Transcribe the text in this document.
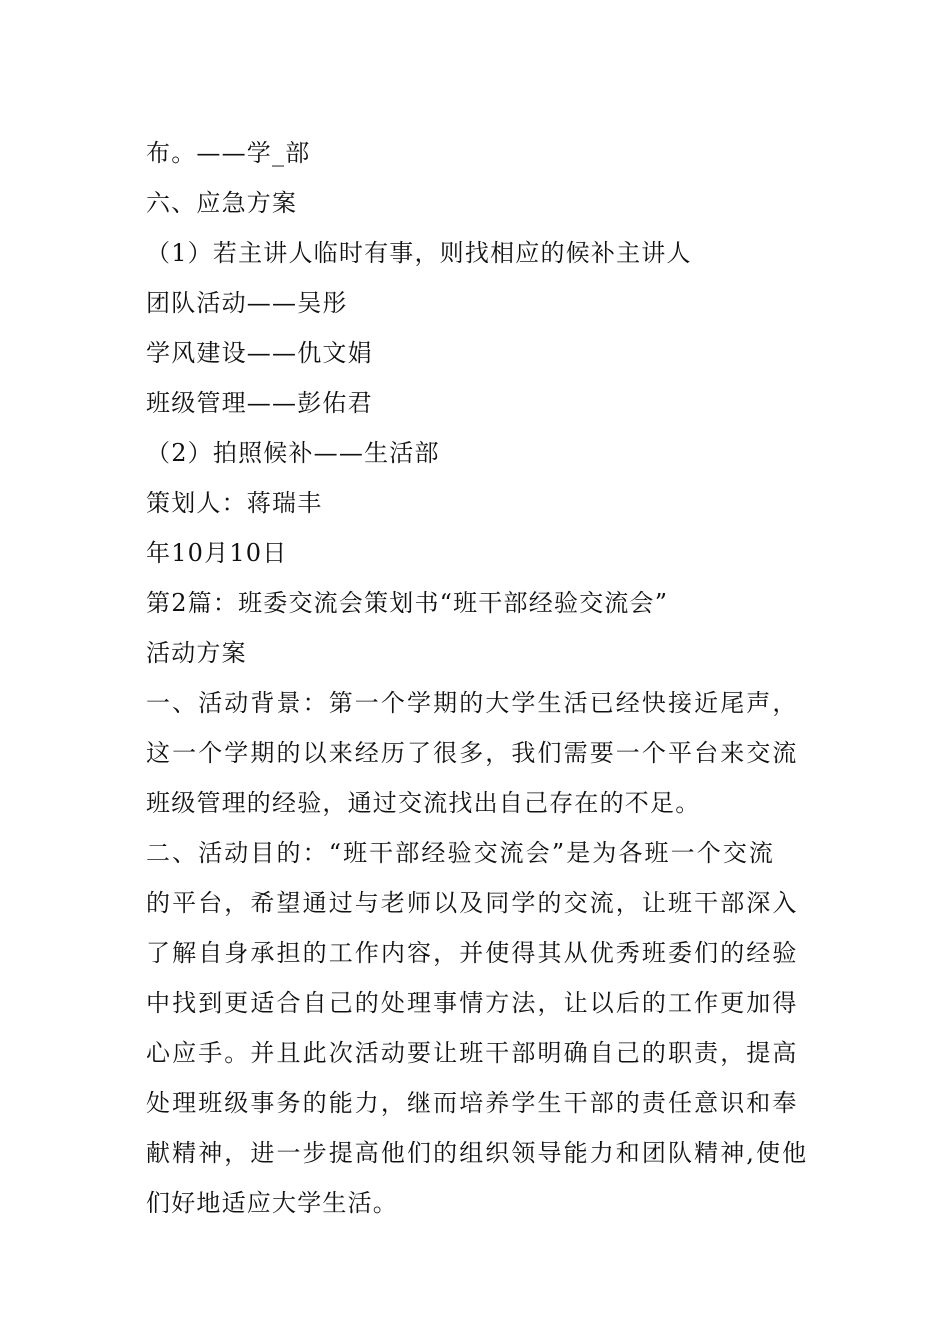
布。——学_部
六、应急方案
（1）若主讲人临时有事，则找相应的候补主讲人
团队活动——吴彤
学风建设——仇文娟
班级管理——彭佑君
（2）拍照候补——生活部
策划人：蒋瑞丰
年10月10日
第2篇：班委交流会策划书“班干部经验交流会”
活动方案
一、活动背景：第一个学期的大学生活已经快接近尾声，
这一个学期的以来经历了很多，我们需要一个平台来交流
班级管理的经验，通过交流找出自己存在的不足。
二、活动目的：“班干部经验交流会”是为各班一个交流
的平台，希望通过与老师以及同学的交流，让班干部深入
了解自身承担的工作内容，并使得其从优秀班委们的经验
中找到更适合自己的处理事情方法，让以后的工作更加得
心应手。并且此次活动要让班干部明确自己的职责，提高
处理班级事务的能力，继而培养学生干部的责任意识和奉
献精神，进一步提高他们的组织领导能力和团队精神,使他
们好地适应大学生活。
